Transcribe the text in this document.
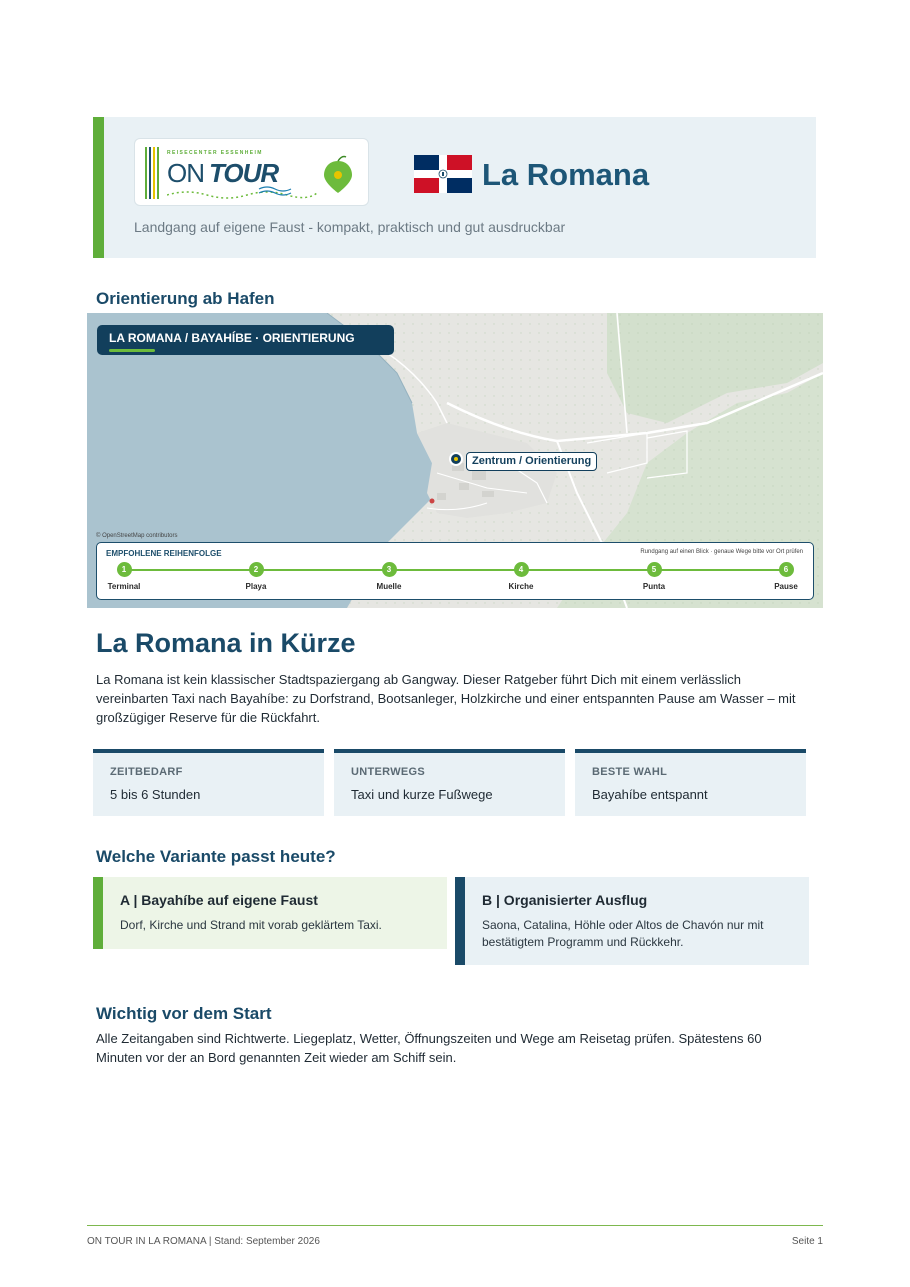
REISECENTER ESSENHEIM
ON TOUR	La Romana
Landgang auf eigene Faust - kompakt, praktisch und gut ausdruckbar
Orientierung ab Hafen
LA ROMANA / BAYAHÍBE · ORIENTIERUNG
Zentrum / Orientierung
© OpenStreetMap contributors
EMPFOHLENE REIHENFOLGE	Rundgang auf einen Blick · genaue Wege bitte vor Ort prüfen
1
Terminal
2
Playa
3
Muelle
4
Kirche
5
Punta
6
Pause
La Romana in Kürze

La Romana ist kein klassischer Stadtspaziergang ab Gangway. Dieser Ratgeber führt Dich mit einem verlässlich vereinbarten Taxi nach Bayahíbe: zu Dorfstrand, Bootsanleger, Holzkirche und einer entspannten Pause am Wasser – mit großzügiger Reserve für die Rückfahrt.

ZEITBEDARF
5 bis 6 Stunden
UNTERWEGS
Taxi und kurze Fußwege
BESTE WAHL
Bayahíbe entspannt
Welche Variante passt heute?
A | Bayahíbe auf eigene Faust
Dorf, Kirche und Strand mit vorab geklärtem Taxi.
B | Organisierter Ausflug
Saona, Catalina, Höhle oder Altos de Chavón nur mit bestätigtem Programm und Rückkehr.
Wichtig vor dem Start

Alle Zeitangaben sind Richtwerte. Liegeplatz, Wetter, Öffnungszeiten und Wege am Reisetag prüfen. Spätestens 60 Minuten vor der an Bord genannten Zeit wieder am Schiff sein.

ON TOUR IN LA ROMANA | Stand: September 2026	Seite 1
